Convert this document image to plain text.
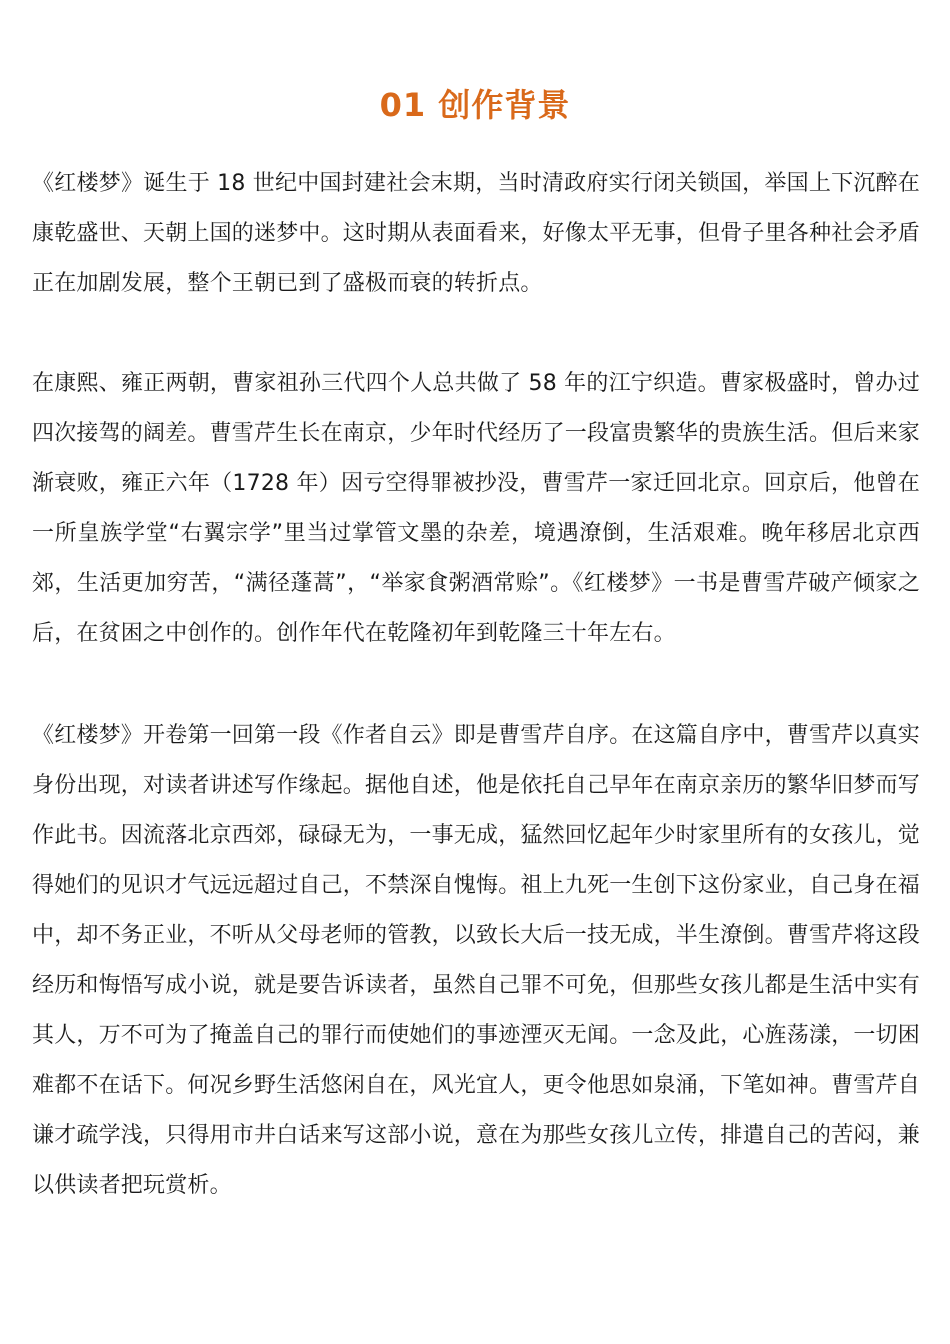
01 创作背景

《红楼梦》诞生于 18 世纪中国封建社会末期，当时清政府实行闭关锁国，举国上下沉醉在康乾盛世、天朝上国的迷梦中。这时期从表面看来，好像太平无事，但骨子里各种社会矛盾正在加剧发展，整个王朝已到了盛极而衰的转折点。

在康熙、雍正两朝，曹家祖孙三代四个人总共做了 58 年的江宁织造。曹家极盛时，曾办过四次接驾的阔差。曹雪芹生长在南京，少年时代经历了一段富贵繁华的贵族生活。但后来家渐衰败，雍正六年（1728 年）因亏空得罪被抄没，曹雪芹一家迁回北京。回京后，他曾在一所皇族学堂“右翼宗学”里当过掌管文墨的杂差，境遇潦倒，生活艰难。晚年移居北京西郊，生活更加穷苦，“满径蓬蒿”，“举家食粥酒常赊”。《红楼梦》一书是曹雪芹破产倾家之后，在贫困之中创作的。创作年代在乾隆初年到乾隆三十年左右。

《红楼梦》开卷第一回第一段《作者自云》即是曹雪芹自序。在这篇自序中，曹雪芹以真实身份出现，对读者讲述写作缘起。据他自述，他是依托自己早年在南京亲历的繁华旧梦而写作此书。因流落北京西郊，碌碌无为，一事无成，猛然回忆起年少时家里所有的女孩儿，觉得她们的见识才气远远超过自己，不禁深自愧悔。祖上九死一生创下这份家业，自己身在福中，却不务正业，不听从父母老师的管教，以致长大后一技无成，半生潦倒。曹雪芹将这段经历和悔悟写成小说，就是要告诉读者，虽然自己罪不可免，但那些女孩儿都是生活中实有其人，万不可为了掩盖自己的罪行而使她们的事迹湮灭无闻。一念及此，心旌荡漾，一切困难都不在话下。何况乡野生活悠闲自在，风光宜人，更令他思如泉涌，下笔如神。曹雪芹自谦才疏学浅，只得用市井白话来写这部小说，意在为那些女孩儿立传，排遣自己的苦闷，兼以供读者把玩赏析。
